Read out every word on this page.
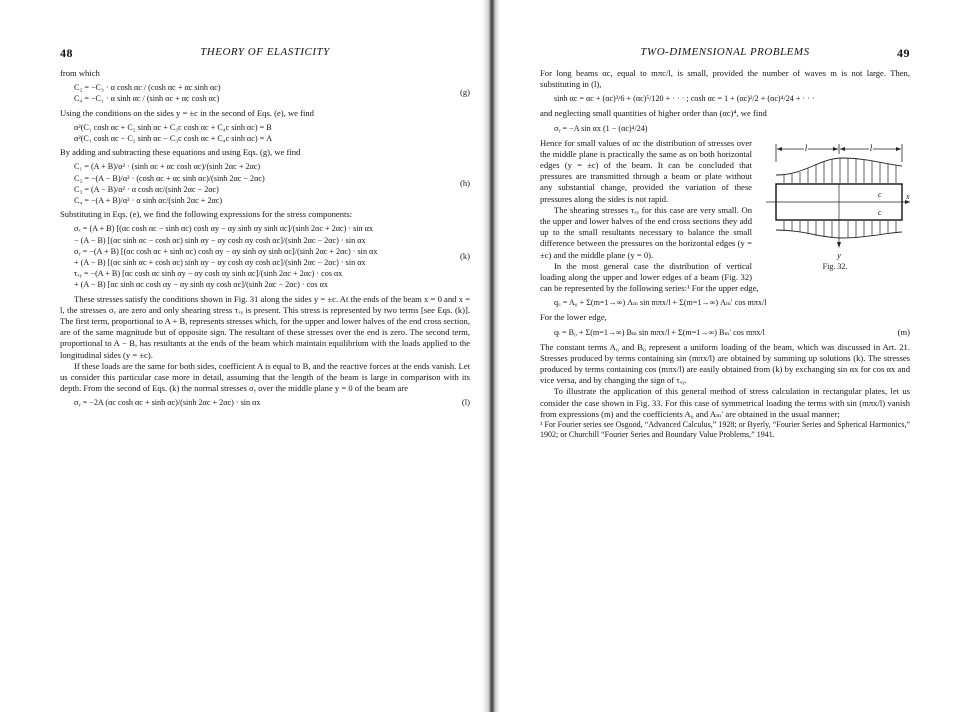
48	THEORY OF ELASTICITY

from which

C₂ = −C₃ · α cosh αc / (cosh αc + αc sinh αc)
C₄ = −C₁ · α sinh αc / (sinh αc + αc cosh αc)
(g)

Using the conditions on the sides y = ±c in the second of Eqs. (e), we find

α²(C₁ cosh αc + C₂ sinh αc + C₃c cosh αc + C₄c sinh αc) = B
α²(C₁ cosh αc − C₂ sinh αc − C₃c cosh αc + C₄c sinh αc) = A

By adding and subtracting these equations and using Eqs. (g), we find

C₁ = (A + B)/α² · (sinh αc + αc cosh αc)/(sinh 2αc + 2αc)
C₂ = −(A − B)/α² · (cosh αc + αc sinh αc)/(sinh 2αc − 2αc)
C₃ = (A − B)/α² · α cosh αc/(sinh 2αc − 2αc)
C₄ = −(A + B)/α² · α sinh αc/(sinh 2αc + 2αc)
(h)

Substituting in Eqs. (e), we find the following expressions for the stress components:

σₓ = (A + B) [(αc cosh αc − sinh αc) cosh αy − αy sinh αy sinh αc]/(sinh 2αc + 2αc) · sin αx
− (A − B) [(αc sinh αc − cosh αc) sinh αy − αy cosh αy cosh αc]/(sinh 2αc − 2αc) · sin αx
σᵧ = −(A + B) [(αc cosh αc + sinh αc) cosh αy − αy sinh αy sinh αc]/(sinh 2αc + 2αc) · sin αx
+ (A − B) [(αc sinh αc + cosh αc) sinh αy − αy cosh αy cosh αc]/(sinh 2αc − 2αc) · sin αx
τₓᵧ = −(A + B) [αc cosh αc sinh αy − αy cosh αy sinh αc]/(sinh 2αc + 2αc) · cos αx
+ (A − B) [αc sinh αc cosh αy − αy sinh αy cosh αc]/(sinh 2αc − 2αc) · cos αx
(k)

These stresses satisfy the conditions shown in Fig. 31 along the sides y = ±c. At the ends of the beam x = 0 and x = l, the stresses σₓ are zero and only shearing stress τₓᵧ is present. This stress is represented by two terms [see Eqs. (k)]. The first term, proportional to A + B, represents stresses which, for the upper and lower halves of the end cross section, are of the same magnitude but of opposite sign. The resultant of these stresses over the end is zero. The second term, proportional to A − B, has resultants at the ends of the beam which maintain equilibrium with the loads applied to the longitudinal sides (y = ±c).

If these loads are the same for both sides, coefficient A is equal to B, and the reactive forces at the ends vanish. Let us consider this particular case more in detail, assuming that the length of the beam is large in comparison with its depth. From the second of Eqs. (k) the normal stresses σᵧ over the middle plane y = 0 of the beam are

σᵧ = −2A (αc cosh αc + sinh αc)/(sinh 2αc + 2αc) · sin αx	(l)
TWO-DIMENSIONAL PROBLEMS	49

For long beams αc, equal to mπc/l, is small, provided the number of waves m is not large. Then, substituting in (l),

sinh αc = αc + (αc)³/6 + (αc)⁵/120 + · · · ; cosh αc = 1 + (αc)²/2 + (αc)⁴/24 + · · ·

and neglecting small quantities of higher order than (αc)⁴, we find

σᵧ = −A sin αx (1 − (αc)⁴/24)
l	l
x
y
c
c
Fig. 32.

Hence for small values of αc the distribution of stresses over the middle plane is practically the same as on both horizontal edges (y = ±c) of the beam. It can be concluded that pressures are transmitted through a beam or plate without any substantial change, provided the variation of these pressures along the sides is not rapid.

The shearing stresses τₓᵧ for this case are very small. On the upper and lower halves of the end cross sections they add up to the small resultants necessary to balance the small difference between the pressures on the horizontal edges (y = ±c) and the middle plane (y = 0).

In the most general case the distribution of vertical loading along the upper and lower edges of a beam (Fig. 32) can be represented by the following series:¹ For the upper edge,

qᵤ = A₀ + Σ(m=1→∞) Aₘ sin mπx/l + Σ(m=1→∞) Aₘ′ cos mπx/l

For the lower edge,

qₗ = B₀ + Σ(m=1→∞) Bₘ sin mπx/l + Σ(m=1→∞) Bₘ′ cos mπx/l	(m)

The constant terms A₀ and B₀ represent a uniform loading of the beam, which was discussed in Art. 21. Stresses produced by terms containing sin (mπx/l) are obtained by summing up solutions (k). The stresses produced by terms containing cos (mπx/l) are easily obtained from (k) by exchanging sin αx for cos αx and vice versa, and by changing the sign of τₓᵧ.

To illustrate the application of this general method of stress calculation in rectangular plates, let us consider the case shown in Fig. 33. For this case of symmetrical loading the terms with sin (mπx/l) vanish from expressions (m) and the coefficients A₀ and Aₘ′ are obtained in the usual manner;

¹ For Fourier series see Osgood, “Advanced Calculus,” 1928; or Byerly, “Fourier Series and Spherical Harmonics,” 1902; or Churchill “Fourier Series and Boundary Value Problems,” 1941.
